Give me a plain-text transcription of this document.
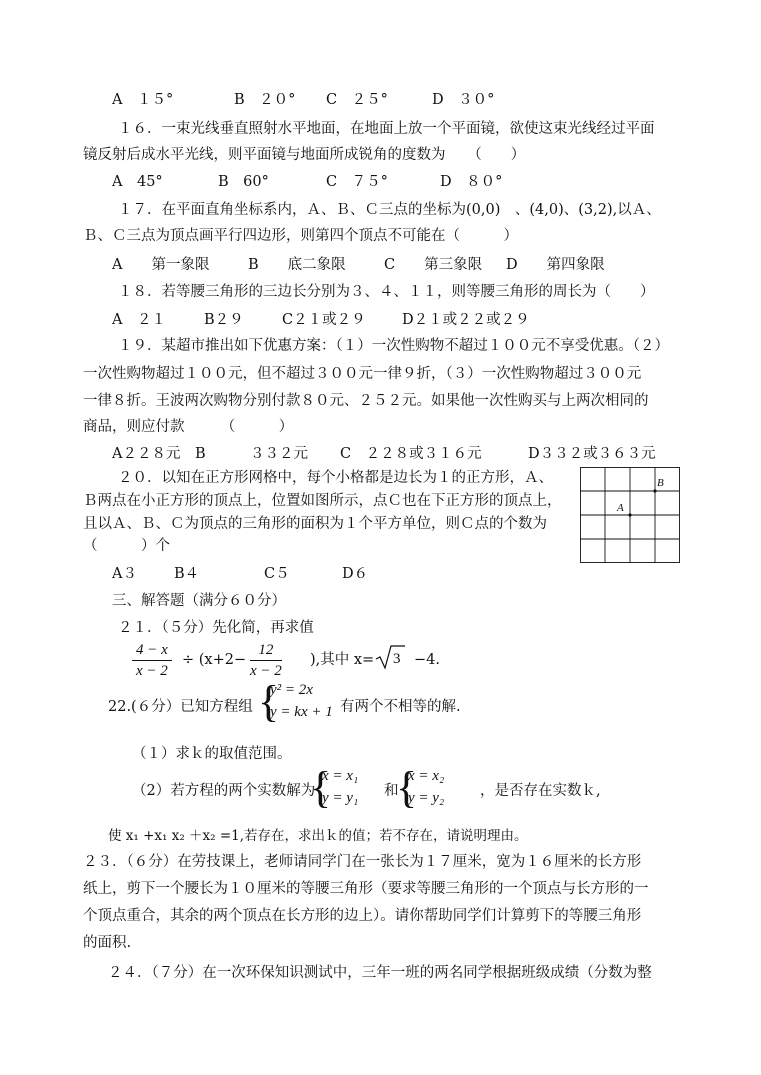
A　１５°	B　２０° C　２５°	D　３０°
１６．一束光线垂直照射水平地面，在地面上放一个平面镜，欲使这束光线经过平面
镜反射后成水平光线，则平面镜与地面所成锐角的度数为　　（　　）
A　45°	B　60°	C　７５°	D　８０°
１７．在平面直角坐标系内，Ａ、Ｂ、Ｃ三点的坐标为(0,0)　、(4,0)、(3,2),以Ａ、
Ｂ、Ｃ三点为顶点画平行四边形，则第四个顶点不可能在（　　　）
A　　第一象限	B　　底二象限	C　　第三象限 D　　第四象限
１８．若等腰三角形的三边长分别为３、４、１１，则等腰三角形的周长为（　　）
A　２１	B２９	C２１或２９	D２１或２２或２９
１９．某超市推出如下优惠方案：（１）一次性购物不超过１００元不享受优惠。（２）
一次性购物超过１００元，但不超过３００元一律９折，（３）一次性购物超过３００元
一律８折。王波两次购物分别付款８０元、２５２元。如果他一次性购买与上两次相同的
商品，则应付款　　　（　　　）
A２２８元　B	３３２元 C　２２８或３１６元	D３３２或３６３元
２０．以知在正方形网格中，每个小格都是边长为１的正方形，Ａ、
Ｂ两点在小正方形的顶点上，位置如图所示，点Ｃ也在下正方形的顶点上，
且以Ａ、Ｂ、Ｃ为顶点的三角形的面积为１个平方单位，则Ｃ点的个数为
（　　　）个
A
B
A３	B４	C５	D６
三、解答题（满分６０分）
２１．（５分）先化简，再求值
$\frac{4 - x}{x - 2} \div (x+2- \frac{12}{x - 2}$ ),其中 x= 3 −4.
22.(６分）已知方程组 {
y² = 2x
y = kx + 1 有两个不相等的解.
（１）求ｋ的取值范围。
（2）若方程的两个实数解为
{
x = x₁
y = y₁ 和
{
x = x₂
y = y₂ ，是否存在实数ｋ,
使 x₁ +x₁ x₂ ＋x₂ =1,若存在，求出ｋ的值；若不存在，请说明理由。
２３．（６分）在劳技课上，老师请同学门在一张长为１７厘米，宽为１６厘米的长方形
纸上，剪下一个腰长为１０厘米的等腰三角形（要求等腰三角形的一个顶点与长方形的一
个顶点重合，其余的两个顶点在长方形的边上）。请你帮助同学们计算剪下的等腰三角形
的面积.
２４．（７分）在一次环保知识测试中，三年一班的两名同学根据班级成绩（分数为整
